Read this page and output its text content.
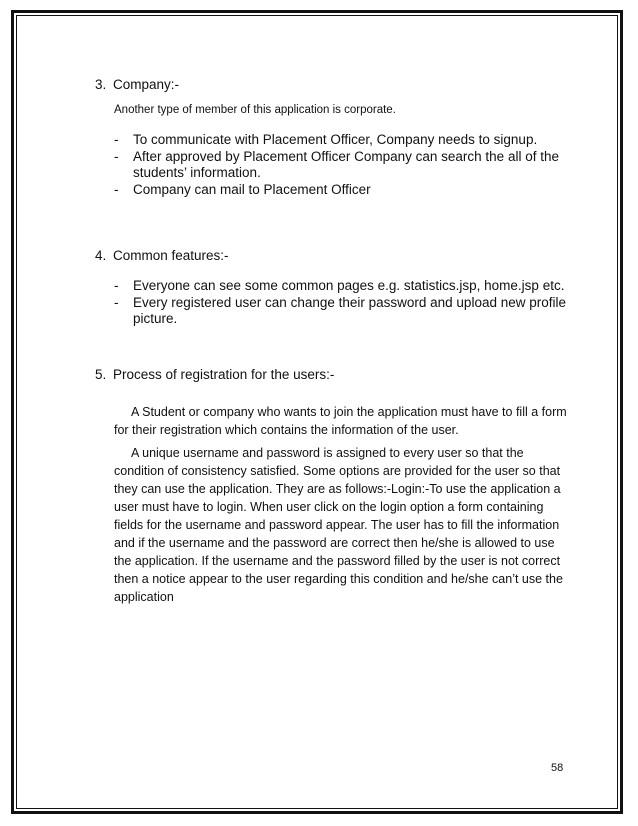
3. Company:-
Another type of member of this application is corporate.
- To communicate with Placement Officer, Company needs to signup.
- After approved by Placement Officer Company can search the all of the students’ information.
- Company can mail to Placement Officer
4. Common features:-
- Everyone can see some common pages e.g. statistics.jsp, home.jsp etc.
- Every registered user can change their password and upload new profile picture.
5. Process of registration for the users:-

A Student or company who wants to join the application must have to fill a form for their registration which contains the information of the user.

A unique username and password is assigned to every user so that the condition of consistency satisfied. Some options are provided for the user so that they can use the application. They are as follows:-Login:-To use the application a user must have to login. When user click on the login option a form containing fields for the username and password appear. The user has to fill the information and if the username and the password are correct then he/she is allowed to use the application. If the username and the password filled by the user is not correct then a notice appear to the user regarding this condition and he/she can’t use the application

58
